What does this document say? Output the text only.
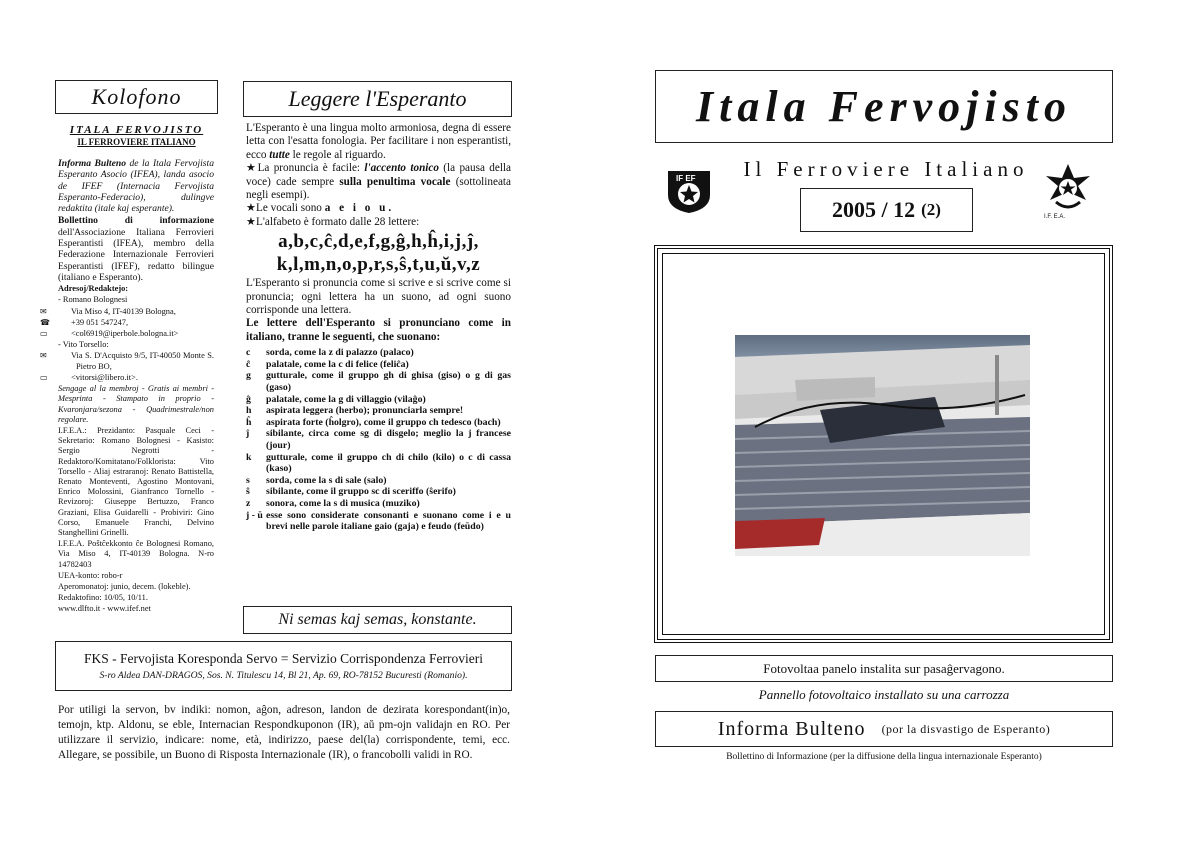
Kolofono
ITALA FERVOJISTO
IL FERROVIERE ITALIANO

Informa Bulteno de la Itala Fervojista Esperanto Asocio (IFEA), landa asocio de IFEF (Internacia Fervojista Esperanto-Federacio), dulingve redaktita (itale kaj esperante).

Bollettino di informazione dell'Associazione Italiana Ferrovieri Esperantisti (IFEA), membro della Federazione Internazionale Ferrovieri Esperantisti (IFEF), redatto bilingue (italiano e Esperanto).

Adresoj/Redaktejo:

- Romano Bolognesi

✉	Via Miso 4, IT-40139 Bologna,

☎	+39 051 547247,

▭	<col6919@iperbole.bologna.it>

- Vito Torsello:

✉	Via S. D'Acquisto 9/5, IT-40050 Monte S. Pietro BO,

▭	<vitorsi@libero.it>.

Sengage al la membroj - Gratis ai membri - Mesprinta - Stampato in proprio - Kvaronjara/sezona - Quadrimestrale/non regolare.

I.F.E.A.: Prezidanto: Pasquale Ceci - Sekretario: Romano Bolognesi - Kasisto: Sergio Negrotti - Redaktoro/Komitatano/Folklorista: Vito Torsello - Aliaj estraranoj: Renato Battistella, Renato Monteventi, Agostino Montovani, Enrico Molossini, Gianfranco Tornello - Revizoroj: Giuseppe Bertuzzo, Franco Graziani, Elisa Guidarelli - Probiviri: Gino Corso, Emanuele Franchi, Delvino Stanghellini Grinelli.

I.F.E.A. Poštĉekkonto ĉe Bolognesi Romano, Via Miso 4, IT-40139 Bologna. N-ro 14782403

UEA-konto: robo-r

Aperomonatoj: junio, decem. (lokeble).

Redaktofino: 10/05, 10/11.

www.dlfto.it - www.ifef.net

Leggere l'Esperanto

L'Esperanto è una lingua molto armoniosa, degna di essere letta con l'esatta fonologia. Per facilitare i non esperantisti, ecco tutte le regole al riguardo.

★La pronuncia è facile: l'accento tonico (la pausa della voce) cade sempre sulla penultima vocale (sottolineata negli esempi).

★Le vocali sono a e i o u.

★L'alfabeto è formato dalle 28 lettere:

a,b,c,ĉ,d,e,f,g,ĝ,h,ĥ,i,j,ĵ,
k,l,m,n,o,p,r,s,ŝ,t,u,ŭ,v,z

L'Esperanto si pronuncia come si scrive e si scrive come si pronuncia; ogni lettera ha un suono, ad ogni suono corrisponde una lettera.

Le lettere dell'Esperanto si pronunciano come in italiano, tranne le seguenti, che suonano:

c	sorda, come la z di palazzo (palaco)
ĉ	palatale, come la c di felice (feliĉa)
g	gutturale, come il gruppo gh di ghisa (giso) o g di gas (gaso)
ĝ	palatale, come la g di villaggio (vilaĝo)
h	aspirata leggera (herbo); pronunciarla sempre!
ĥ	aspirata forte (ĥolgro), come il gruppo ch tedesco (bach)
ĵ	sibilante, circa come sg di disgelo; meglio la j francese (jour)
k	gutturale, come il gruppo ch di chilo (kilo) o c di cassa (kaso)
s	sorda, come la s di sale (salo)
ŝ	sibilante, come il gruppo sc di sceriffo (ŝerifo)
z	sonora, come la s di musica (muziko)
j - ŭ esse sono considerate consonanti e suonano come i e u brevi nelle parole italiane gaio (gaja) e feudo (feŭdo)
Ni semas kaj semas, konstante.
FKS - Fervojista Koresponda Servo = Servizio Corrispondenza Ferrovieri
S-ro Aldea DAN-DRAGOS, Sos. N. Titulescu 14, Bl 21, Ap. 69, RO-78152 Bucuresti (Romanio).
Por utiligi la servon, bv indiki: nomon, aĝon, adreson, landon de dezirata korespondant(in)o, temojn, ktp. Aldonu, se eble, Internacian Respondkuponon (IR), aŭ pm-ojn validajn en RO. Per utilizzare il servizio, indicare: nome, età, indirizzo, paese del(la) corrispondente, temi, ecc. Allegare, se possibile, un Buono di Risposta Internazionale (IR), o francobolli validi in RO.
Itala Fervojisto
IF EF	Il Ferroviere Italiano
I.F. E.A.
2005 / 12 (2)
Fotovoltaa panelo instalita sur pasaĝervagono.
Pannello fotovoltaico installato su una carrozza
Informa Bulteno (por la disvastigo de Esperanto)
Bollettino di Informazione (per la diffusione della lingua internazionale Esperanto)
